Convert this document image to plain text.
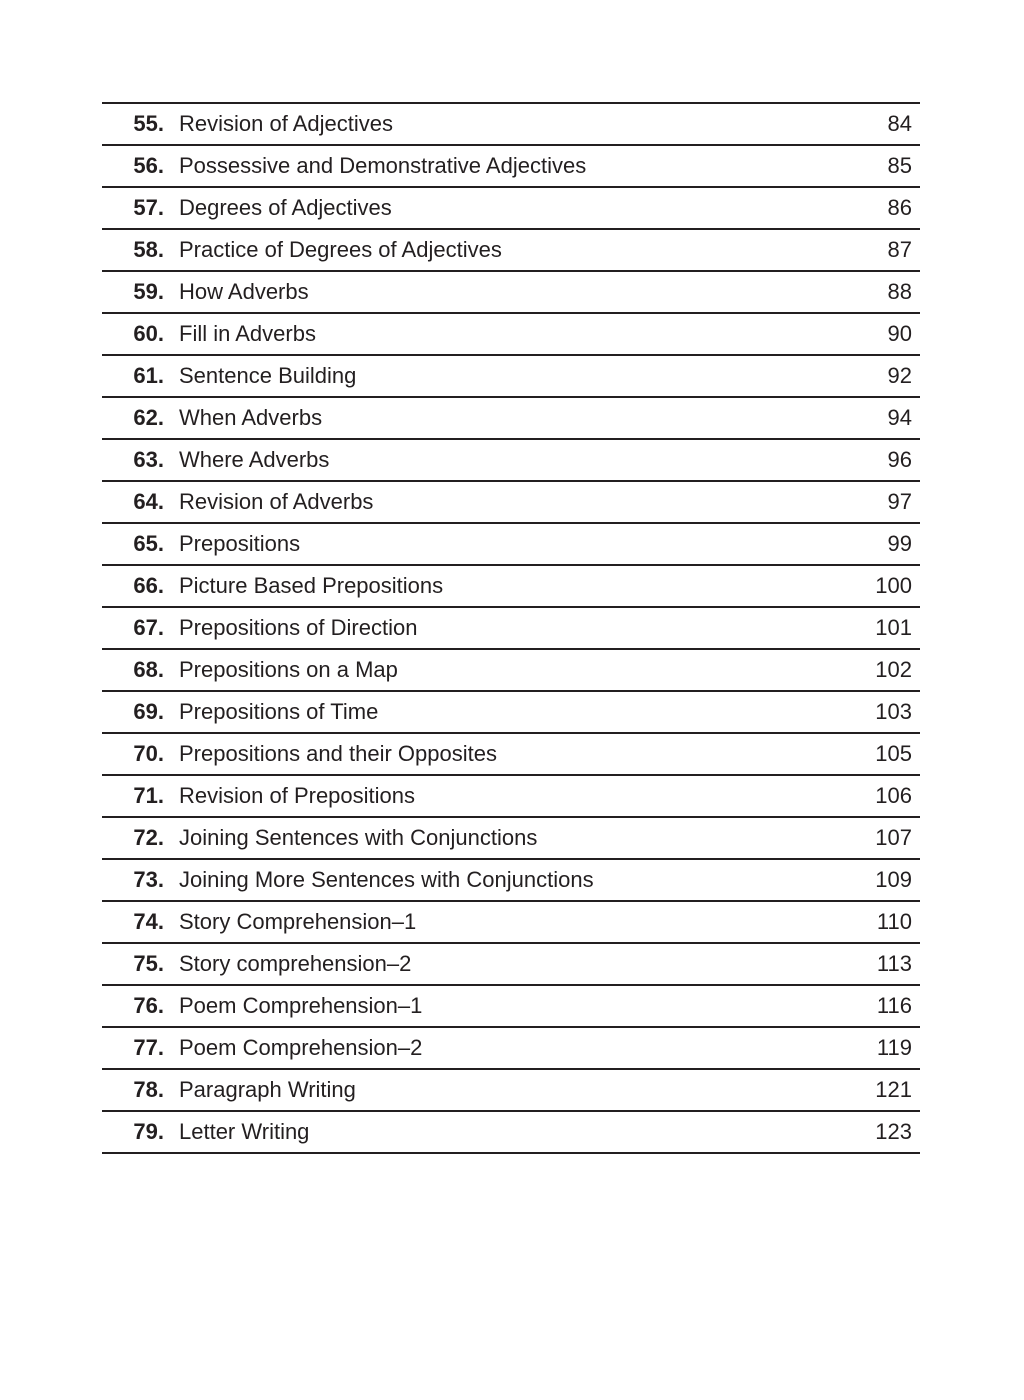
55. Revision of Adjectives	84
56. Possessive and Demonstrative Adjectives	85
57. Degrees of Adjectives	86
58. Practice of Degrees of Adjectives	87
59. How Adverbs	88
60. Fill in Adverbs	90
61. Sentence Building	92
62. When Adverbs	94
63. Where Adverbs	96
64. Revision of Adverbs	97
65. Prepositions	99
66. Picture Based Prepositions	100
67. Prepositions of Direction	101
68. Prepositions on a Map	102
69. Prepositions of Time	103
70. Prepositions and their Opposites	105
71. Revision of Prepositions	106
72. Joining Sentences with Conjunctions	107
73. Joining More Sentences with Conjunctions	109
74. Story Comprehension–1	110
75. Story comprehension–2	113
76. Poem Comprehension–1	116
77. Poem Comprehension–2	119
78. Paragraph Writing	121
79. Letter Writing	123
